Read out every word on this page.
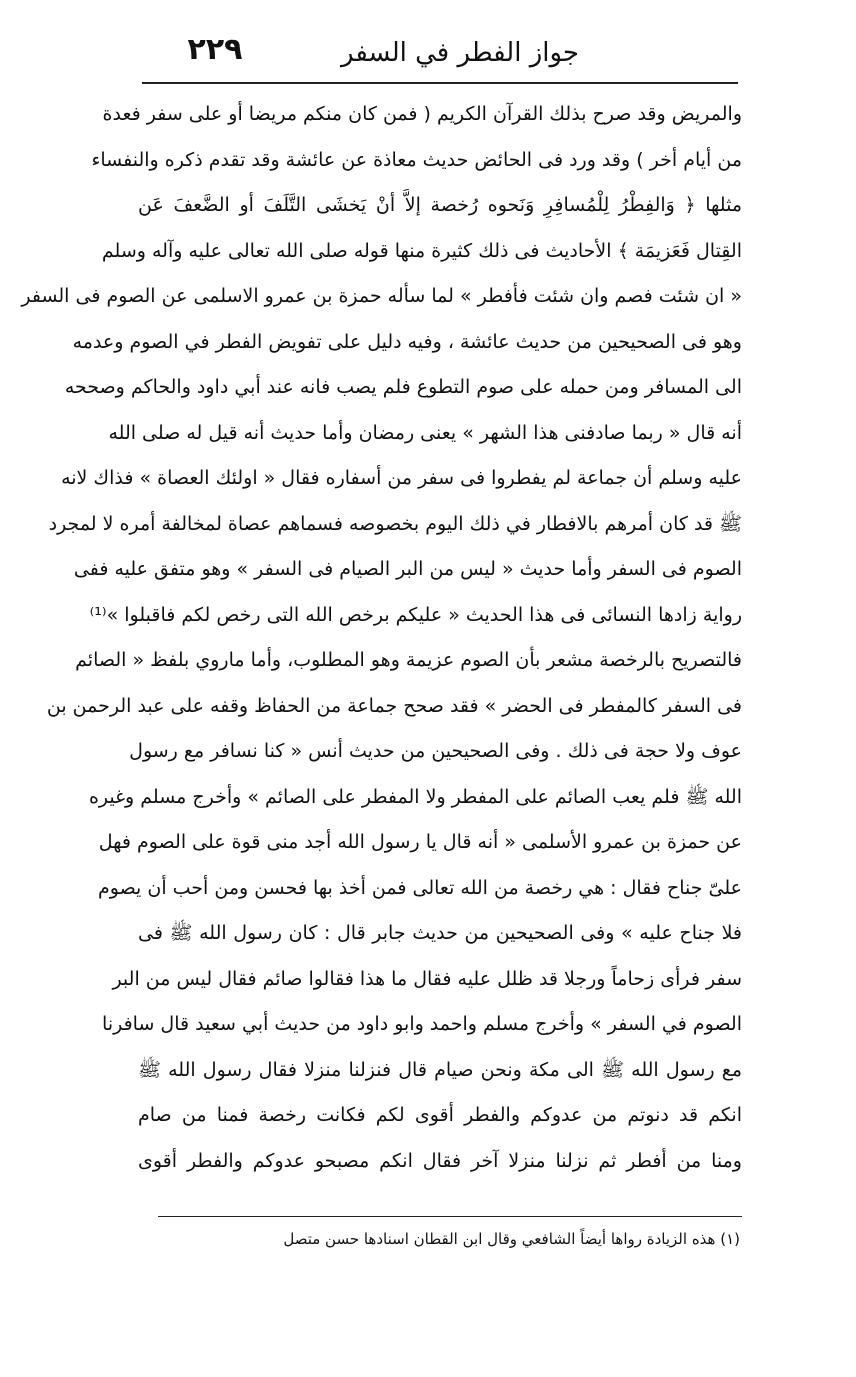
جواز الفطر في السفر
٢٢٩
والمريض وقد صرح بذلك القرآن الكريم ( فمن كان منكم مريضا أو على سفر فعدة
من أيام أخر ) وقد ورد فى الحائض حديث معاذة عن عائشة وقد تقدم ذكره والنفساء
مثلها ﴿ وَالفِطْرُ لِلْمُسافِرِ وَنَحوه رُخصة إلاَّ أنْ يَخشَى التَّلَفَ أو الضَّعفَ عَن
القِتال فَعَزيمَة ﴾ الأحاديث فى ذلك كثيرة منها قوله صلى الله تعالى عليه وآله وسلم
« ان شئت فصم وان شئت فأفطر » لما سأله حمزة بن عمرو الاسلمى عن الصوم فى السفر
وهو فى الصحيحين من حديث عائشة ، وفيه دليل على تفويض الفطر في الصوم وعدمه
الى المسافر ومن حمله على صوم التطوع فلم يصب فانه عند أبي داود والحاكم وصححه
أنه قال « ربما صادفنى هذا الشهر » يعنى رمضان وأما حديث أنه قيل له صلى الله
عليه وسلم أن جماعة لم يفطروا فى سفر من أسفاره فقال « اولئك العصاة » فذاك لانه
ﷺ قد كان أمرهم بالافطار في ذلك اليوم بخصوصه فسماهم عصاة لمخالفة أمره لا لمجرد
الصوم فى السفر وأما حديث « ليس من البر الصيام فى السفر » وهو متفق عليه ففى
رواية زادها النسائى فى هذا الحديث « عليكم برخص الله التى رخص لكم فاقبلوا »⁽¹⁾
فالتصريح بالرخصة مشعر بأن الصوم عزيمة وهو المطلوب، وأما ماروي بلفظ « الصائم
فى السفر كالمفطر فى الحضر » فقد صحح جماعة من الحفاظ وقفه على عبد الرحمن بن
عوف ولا حجة فى ذلك . وفى الصحيحين من حديث أنس « كنا نسافر مع رسول
الله ﷺ فلم يعب الصائم على المفطر ولا المفطر على الصائم » وأخرج مسلم وغيره
عن حمزة بن عمرو الأسلمى « أنه قال يا رسول الله أجد منى قوة على الصوم فهل
علىّ جناح فقال : هي رخصة من الله تعالى فمن أخذ بها فحسن ومن أحب أن يصوم
فلا جناح عليه » وفى الصحيحين من حديث جابر قال : كان رسول الله ﷺ فى
سفر فرأى زحاماً ورجلا قد ظلل عليه فقال ما هذا فقالوا صائم فقال ليس من البر
الصوم في السفر » وأخرج مسلم واحمد وابو داود من حديث أبي سعيد قال سافرنا
مع رسول الله ﷺ الى مكة ونحن صيام قال فنزلنا منزلا فقال رسول الله ﷺ
انكم قد دنوتم من عدوكم والفطر أقوى لكم فكانت رخصة فمنا من صام
ومنا من أفطر ثم نزلنا منزلا آخر فقال انكم مصبحو عدوكم والفطر أقوى
(١) هذه الزيادة رواها أيضاً الشافعي وقال ابن القطان اسنادها حسن متصل
